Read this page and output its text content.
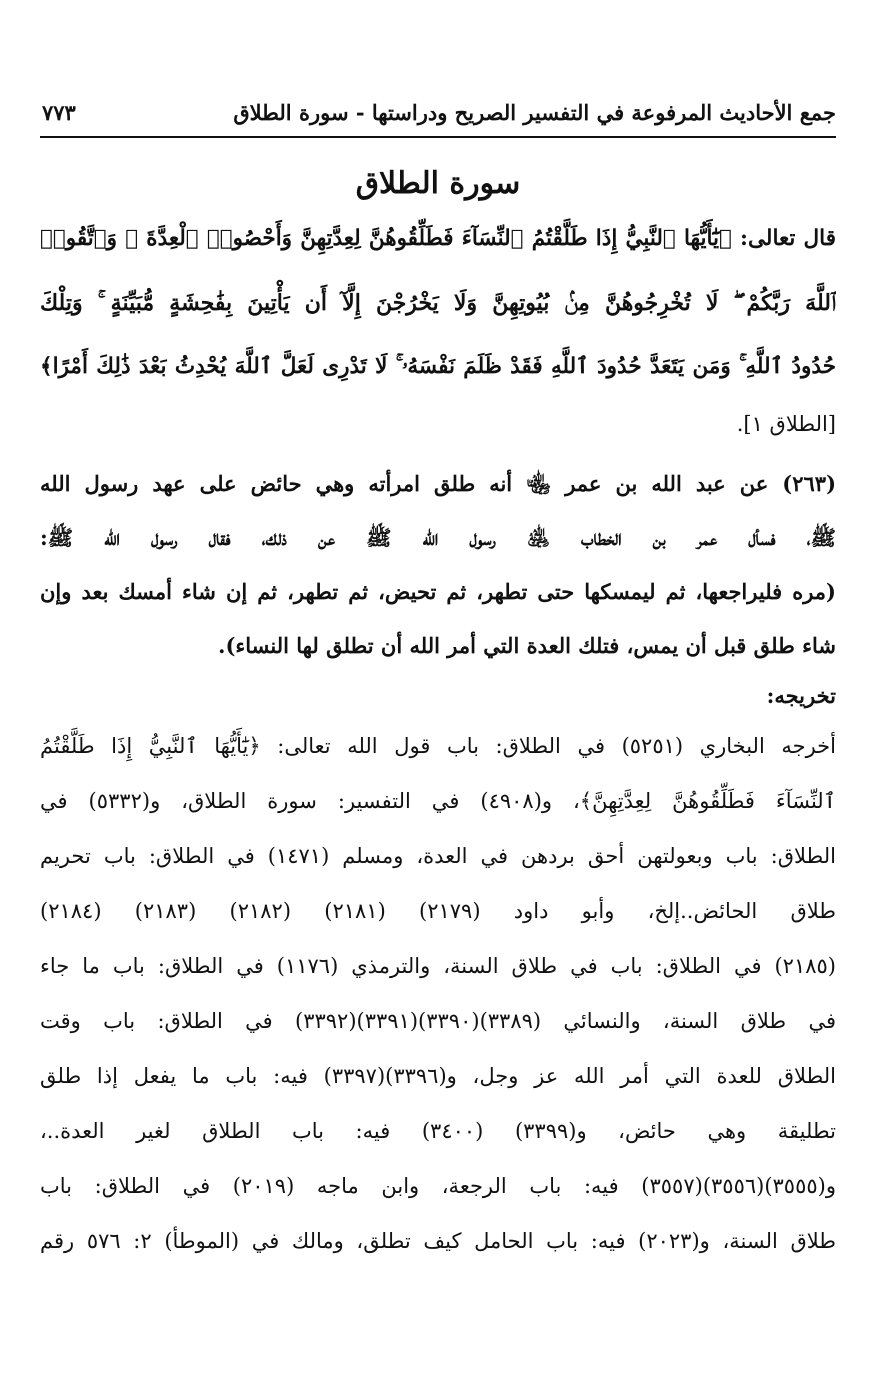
جمع الأحاديث المرفوعة في التفسير الصريح ودراستها - سورة الطلاق
٧٧٣
سورة الطلاق
قال تعالى: ﴿يَٰٓأَيُّهَا ٱلنَّبِيُّ إِذَا طَلَّقْتُمُ ٱلنِّسَآءَ فَطَلِّقُوهُنَّ لِعِدَّتِهِنَّ وَأَحْصُوا۟ ٱلْعِدَّةَ ۖ وَٱتَّقُوا۟
ٱللَّهَ رَبَّكُمْ ۖ لَا تُخْرِجُوهُنَّ مِنۢ بُيُوتِهِنَّ وَلَا يَخْرُجْنَ إِلَّآ أَن يَأْتِينَ بِفَٰحِشَةٍ مُّبَيِّنَةٍ ۚ وَتِلْكَ
حُدُودُ ٱللَّهِ ۚ وَمَن يَتَعَدَّ حُدُودَ ٱللَّهِ فَقَدْ ظَلَمَ نَفْسَهُۥ ۚ لَا تَدْرِى لَعَلَّ ٱللَّهَ يُحْدِثُ بَعْدَ ذَٰلِكَ أَمْرًا﴾
[الطلاق ١].
(٢٦٣) عن عبد الله بن عمر ﵄ أنه طلق امرأته وهي حائض على عهد رسول الله
ﷺ، فسأل عمر بن الخطاب ﵁ رسول الله ﷺ عن ذلك، فقال رسول الله ﷺ:
(مره فليراجعها، ثم ليمسكها حتى تطهر، ثم تحيض، ثم تطهر، ثم إن شاء أمسك بعد وإن
شاء طلق قبل أن يمس، فتلك العدة التي أمر الله أن تطلق لها النساء).
تخريجه:
أخرجه البخاري (٥٢٥١) في الطلاق: باب قول الله تعالى: ﴿يَٰٓأَيُّهَا ٱلنَّبِيُّ إِذَا طَلَّقْتُمُ
ٱلنِّسَآءَ فَطَلِّقُوهُنَّ لِعِدَّتِهِنَّ﴾، و(٤٩٠٨) في التفسير: سورة الطلاق، و(٥٣٣٢) في
الطلاق: باب وبعولتهن أحق بردهن في العدة، ومسلم (١٤٧١) في الطلاق: باب تحريم
طلاق الحائض..إلخ، وأبو داود (٢١٧٩) (٢١٨١) (٢١٨٢) (٢١٨٣) (٢١٨٤)
(٢١٨٥) في الطلاق: باب في طلاق السنة، والترمذي (١١٧٦) في الطلاق: باب ما جاء
في طلاق السنة، والنسائي (٣٣٨٩)(٣٣٩٠)(٣٣٩١)(٣٣٩٢) في الطلاق: باب وقت
الطلاق للعدة التي أمر الله عز وجل، و(٣٣٩٦)(٣٣٩٧) فيه: باب ما يفعل إذا طلق
تطليقة وهي حائض، و(٣٣٩٩) (٣٤٠٠) فيه: باب الطلاق لغير العدة..،
و(٣٥٥٥)(٣٥٥٦)(٣٥٥٧) فيه: باب الرجعة، وابن ماجه (٢٠١٩) في الطلاق: باب
طلاق السنة، و(٢٠٢٣) فيه: باب الحامل كيف تطلق، ومالك في (الموطأ) ٢: ٥٧٦ رقم
